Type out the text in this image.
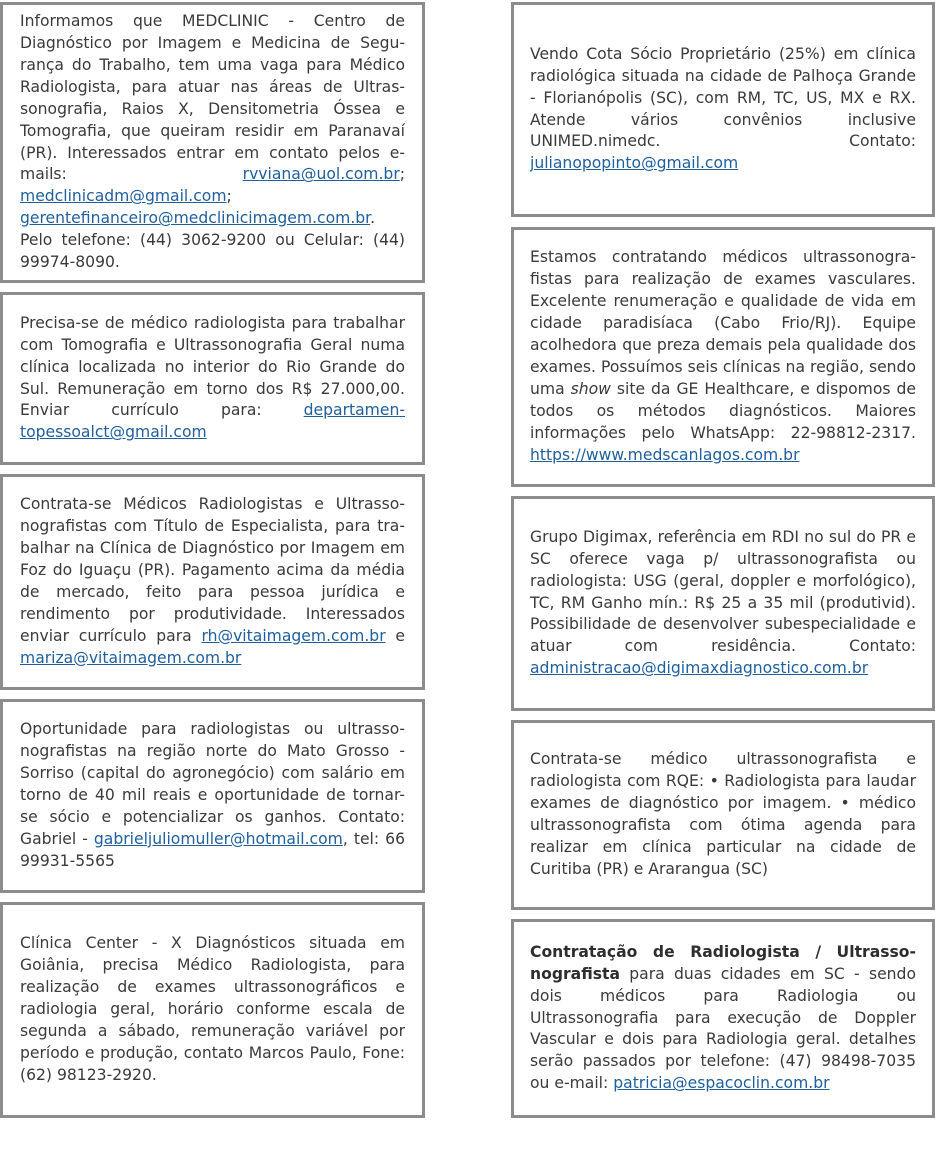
Informamos que MEDCLINIC - Centro de Diagnóstico por Imagem e Medicina de Segurança do Trabalho, tem uma vaga para Médico Radiologista, para atuar nas áreas de Ultrassonografia, Raios X, Densitometria Óssea e Tomografia, que queiram residir em Paranavaí (PR). Interessados entrar em contato pelos e-mails: rvviana@uol.com.br; medclinicadm@gmail.com; gerentefinanceiro@medclinicimagem.com.br. Pelo telefone: (44) 3062-9200 ou Celular: (44) 99974-8090.
Precisa-se de médico radiologista para trabalhar com Tomografia e Ultrassonografia Geral numa clínica localizada no interior do Rio Grande do Sul. Remuneração em torno dos R$ 27.000,00. Enviar currículo para: departamentopessoalct@gmail.com
Contrata-se Médicos Radiologistas e Ultrassonografistas com Título de Especialista, para trabalhar na Clínica de Diagnóstico por Imagem em Foz do Iguaçu (PR). Pagamento acima da média de mercado, feito para pessoa jurídica e rendimento por produtividade. Interessados enviar currículo para rh@vitaimagem.com.br e mariza@vitaimagem.com.br
Oportunidade para radiologistas ou ultrassonografistas na região norte do Mato Grosso - Sorriso (capital do agronegócio) com salário em torno de 40 mil reais e oportunidade de tornar-se sócio e potencializar os ganhos. Contato: Gabriel - gabrieljuliomuller@hotmail.com, tel: 66 99931-5565
Clínica Center - X Diagnósticos situada em Goiânia, precisa Médico Radiologista, para realização de exames ultrassonográficos e radiologia geral, horário conforme escala de segunda a sábado, remuneração variável por período e produção, contato Marcos Paulo, Fone: (62) 98123-2920.
Vendo Cota Sócio Proprietário (25%) em clínica radiológica situada na cidade de Palhoça Grande - Florianópolis (SC), com RM, TC, US, MX e RX. Atende vários convênios inclusive UNIMED.nimedc. Contato: julianopopinto@gmail.com
Estamos contratando médicos ultrassonografistas para realização de exames vasculares. Excelente renumeração e qualidade de vida em cidade paradisíaca (Cabo Frio/RJ). Equipe acolhedora que preza demais pela qualidade dos exames. Possuímos seis clínicas na região, sendo uma show site da GE Healthcare, e dispomos de todos os métodos diagnósticos. Maiores informações pelo WhatsApp: 22-98812-2317. https://www.medscanlagos.com.br
Grupo Digimax, referência em RDI no sul do PR e SC oferece vaga p/ ultrassonografista ou radiologista: USG (geral, doppler e morfológico), TC, RM Ganho mín.: R$ 25 a 35 mil (produtivid). Possibilidade de desenvolver subespecialidade e atuar com residência. Contato: administracao@digimaxdiagnostico.com.br
Contrata-se médico ultrassonografista e radiologista com RQE: • Radiologista para laudar exames de diagnóstico por imagem. • médico ultrassonografista com ótima agenda para realizar em clínica particular na cidade de Curitiba (PR) e Ararangua (SC)
Contratação de Radiologista / Ultrassonografista para duas cidades em SC - sendo dois médicos para Radiologia ou Ultrassonografia para execução de Doppler Vascular e dois para Radiologia geral. detalhes serão passados por telefone: (47) 98498-7035 ou e-mail: patricia@espacoclin.com.br
